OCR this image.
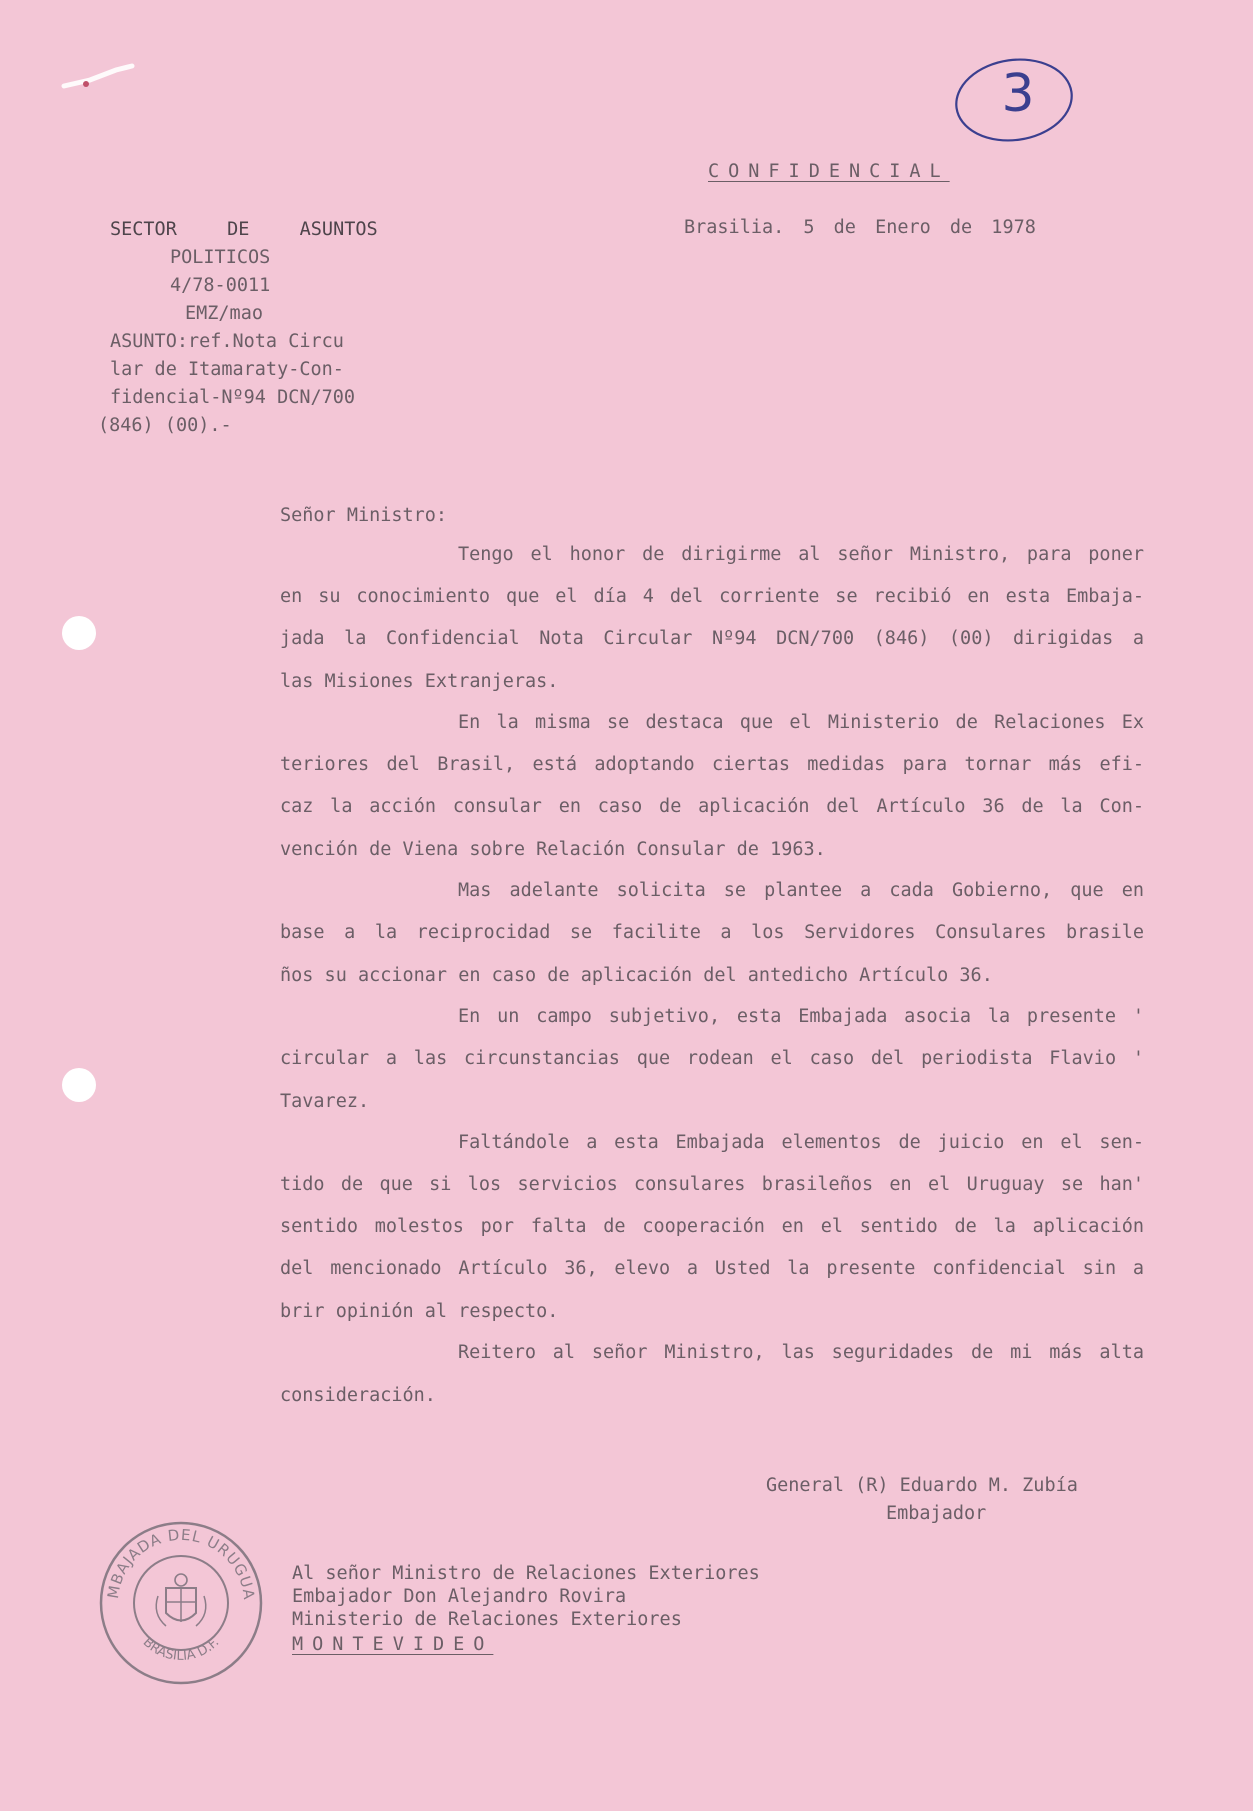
3
CONFIDENCIAL
Brasilia. 5 de Enero de 1978
SECTOR  DE  ASUNTOS
POLITICOS
4/78-0011
EMZ/mao
ASUNTO:ref.Nota Circu
lar de Itamaraty-Con-
fidencial-Nº94 DCN/700
(846) (00).-
Señor Ministro:
Tengo el honor de dirigirme al señor Ministro, para poner
en su conocimiento que el día 4 del corriente se recibió en esta Embaja-
jada la Confidencial Nota Circular Nº94 DCN/700 (846) (00) dirigidas a
las Misiones Extranjeras.
En la misma se destaca que el Ministerio de Relaciones Ex
teriores del Brasil, está adoptando ciertas medidas para tornar más efi-
caz la acción consular en caso de aplicación del Artículo 36 de la Con-
vención de Viena sobre Relación Consular de 1963.
Mas adelante solicita se plantee a cada Gobierno, que en
base a la reciprocidad se facilite a los Servidores Consulares brasile
ños su accionar en caso de aplicación del antedicho Artículo 36.
En un campo subjetivo, esta Embajada asocia la presente '
circular a las circunstancias que rodean el caso del periodista Flavio '
Tavarez.
Faltándole a esta Embajada elementos de juicio en el sen-
tido de que si los servicios consulares brasileños en el Uruguay se han'
sentido molestos por falta de cooperación en el sentido de la aplicación
del mencionado Artículo 36, elevo a Usted la presente confidencial sin a
brir opinión al respecto.
Reitero al señor Ministro, las seguridades de mi más alta
consideración.
General (R) Eduardo M. Zubía
Embajador
MBAJADA DEL URUGUA
BRASILIA D.F.
Al señor Ministro de Relaciones Exteriores
Embajador Don Alejandro Rovira
Ministerio de Relaciones Exteriores
MONTEVIDEO
